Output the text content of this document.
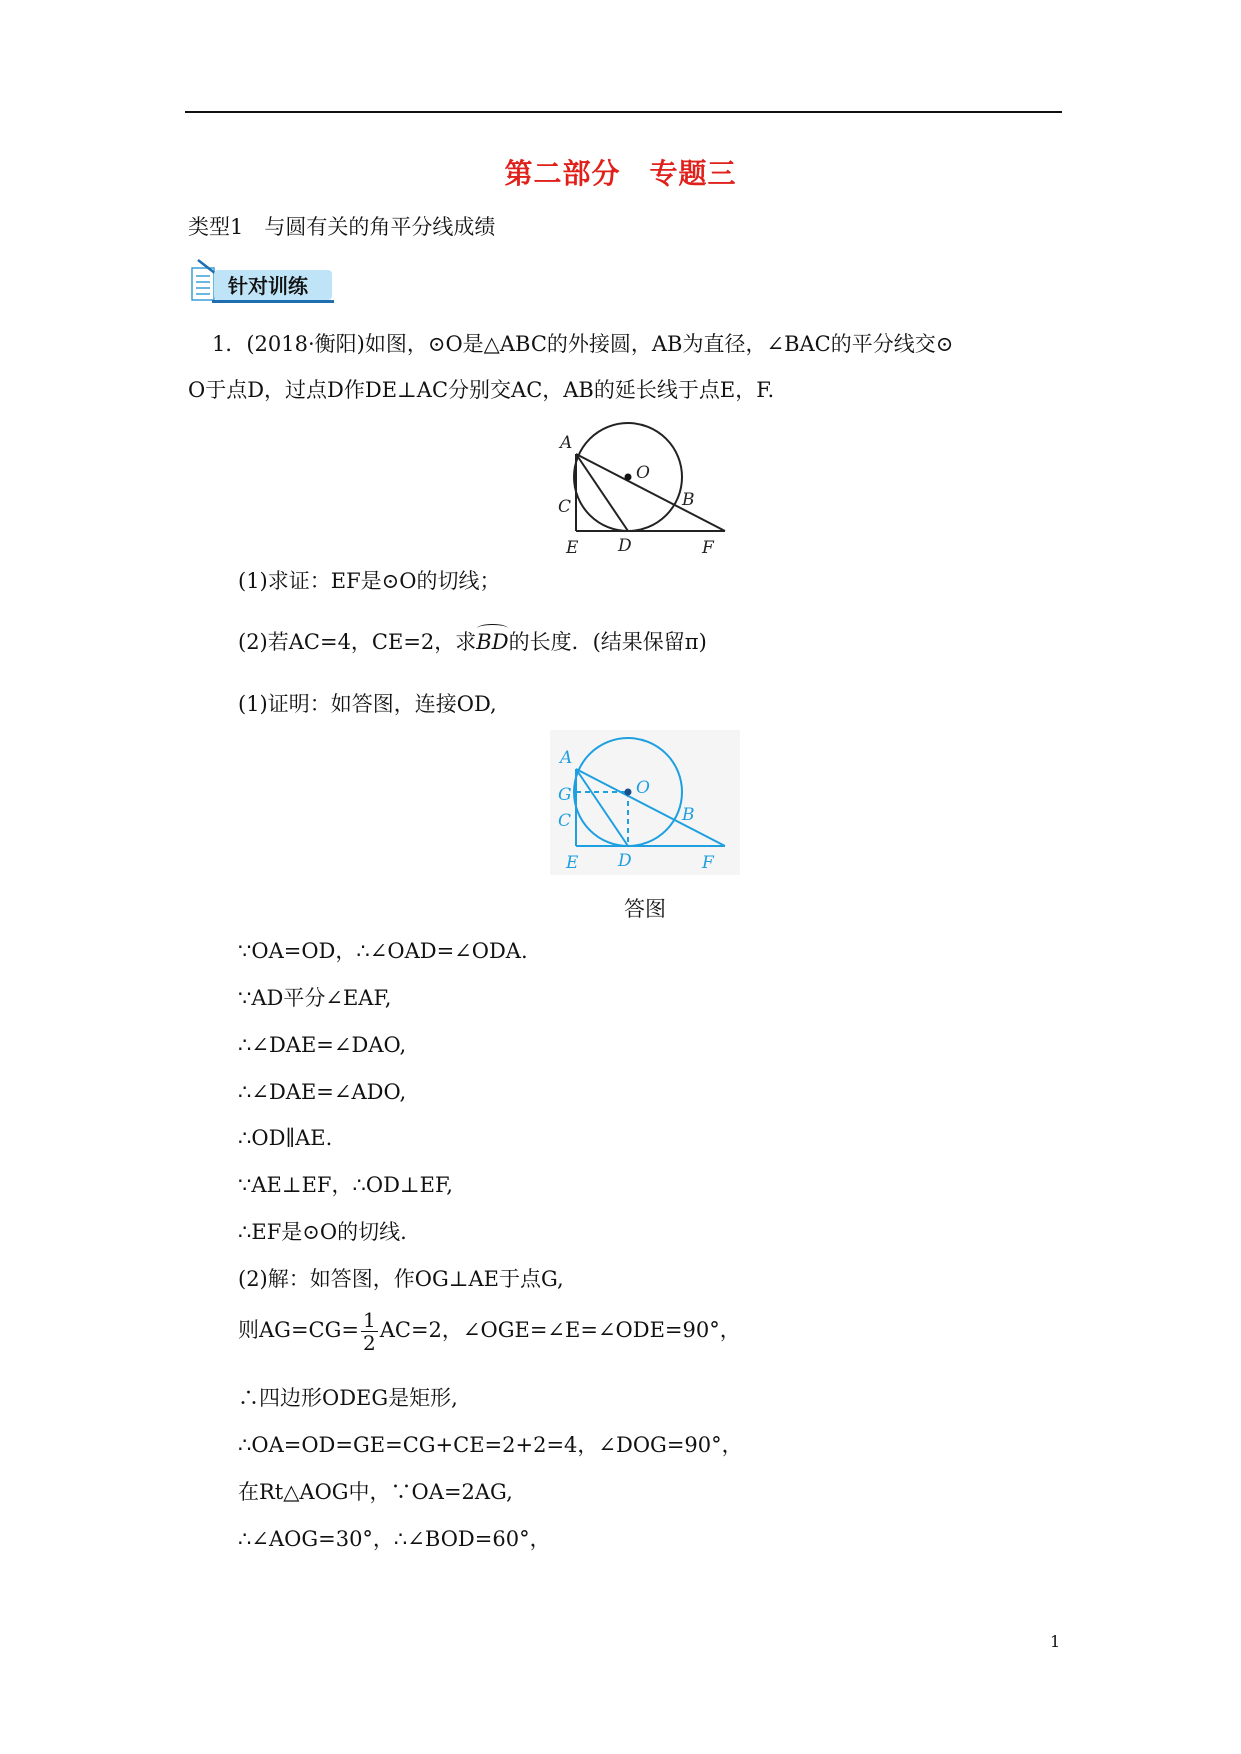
第二部分　专题三
类型1　与圆有关的角平分线成绩
针对训练
1．(2018·衡阳)如图，⊙O是△ABC的外接圆，AB为直径，∠BAC的平分线交⊙
O于点D，过点D作DE⊥AC分别交AC，AB的延长线于点E，F.
A
O
B
C
E D	F
(1)求证：EF是⊙O的切线；
(2)若AC=4，CE=2，求BD的长度．(结果保留π)
(1)证明：如答图，连接OD,
A
O
B
G
C
E D	F
答图
∵OA=OD，∴∠OAD=∠ODA.
∵AD平分∠EAF,
∴∠DAE=∠DAO,
∴∠DAE=∠ADO,
∴OD∥AE.
∵AE⊥EF，∴OD⊥EF,
∴EF是⊙O的切线.
(2)解：如答图，作OG⊥AE于点G,
则$AG=CG= \frac{1}{2} AC=2$，∠OGE=∠E=∠ODE=90°，
∴四边形ODEG是矩形,
∴OA=OD=GE=CG+CE=2+2=4，∠DOG=90°，
在Rt△AOG中，∵OA=2AG,
∴∠AOG=30°，∴∠BOD=60°，
1
